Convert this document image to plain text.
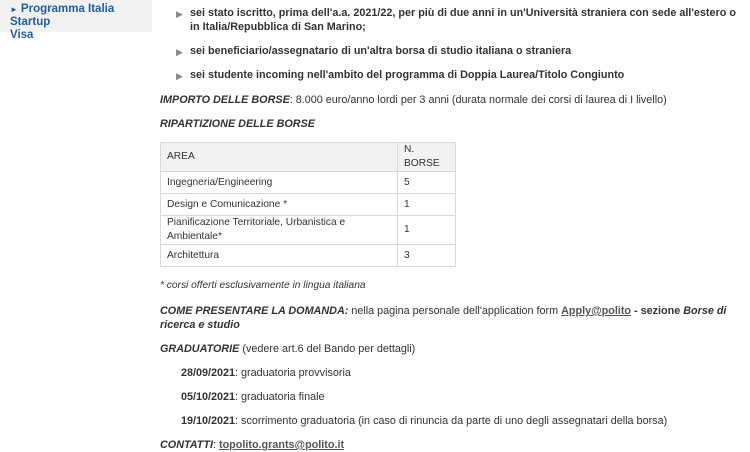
► Programma Italia Startup
Visa
▶ sei stato iscritto, prima dell'a.a. 2021/22, per più di due anni in un'Università straniera con sede all'estero o in Italia/Repubblica di San Marino;
▶ sei beneficiario/assegnatario di un'altra borsa di studio italiana o straniera
▶ sei studente incoming nell'ambito del programma di Doppia Laurea/Titolo Congiunto

IMPORTO DELLE BORSE: 8.000 euro/anno lordi per 3 anni (durata normale dei corsi di laurea di I livello)

RIPARTIZIONE DELLE BORSE

AREA	N. BORSE
Ingegneria/Engineering	5
Design e Comunicazione *	1
Pianificazione Territoriale, Urbanistica e Ambientale*	1
Architettura	3

* corsi offerti esclusivamente in lingua italiana

COME PRESENTARE LA DOMANDA: nella pagina personale dell'application form Apply@polito - sezione Borse di ricerca e studio

GRADUATORIE (vedere art.6 del Bando per dettagli)

28/09/2021: graduatoria provvisoria

05/10/2021: graduatoria finale

19/10/2021: scorrimento graduatoria (in caso di rinuncia da parte di uno degli assegnatari della borsa)

CONTATTI: topolito.grants@polito.it
